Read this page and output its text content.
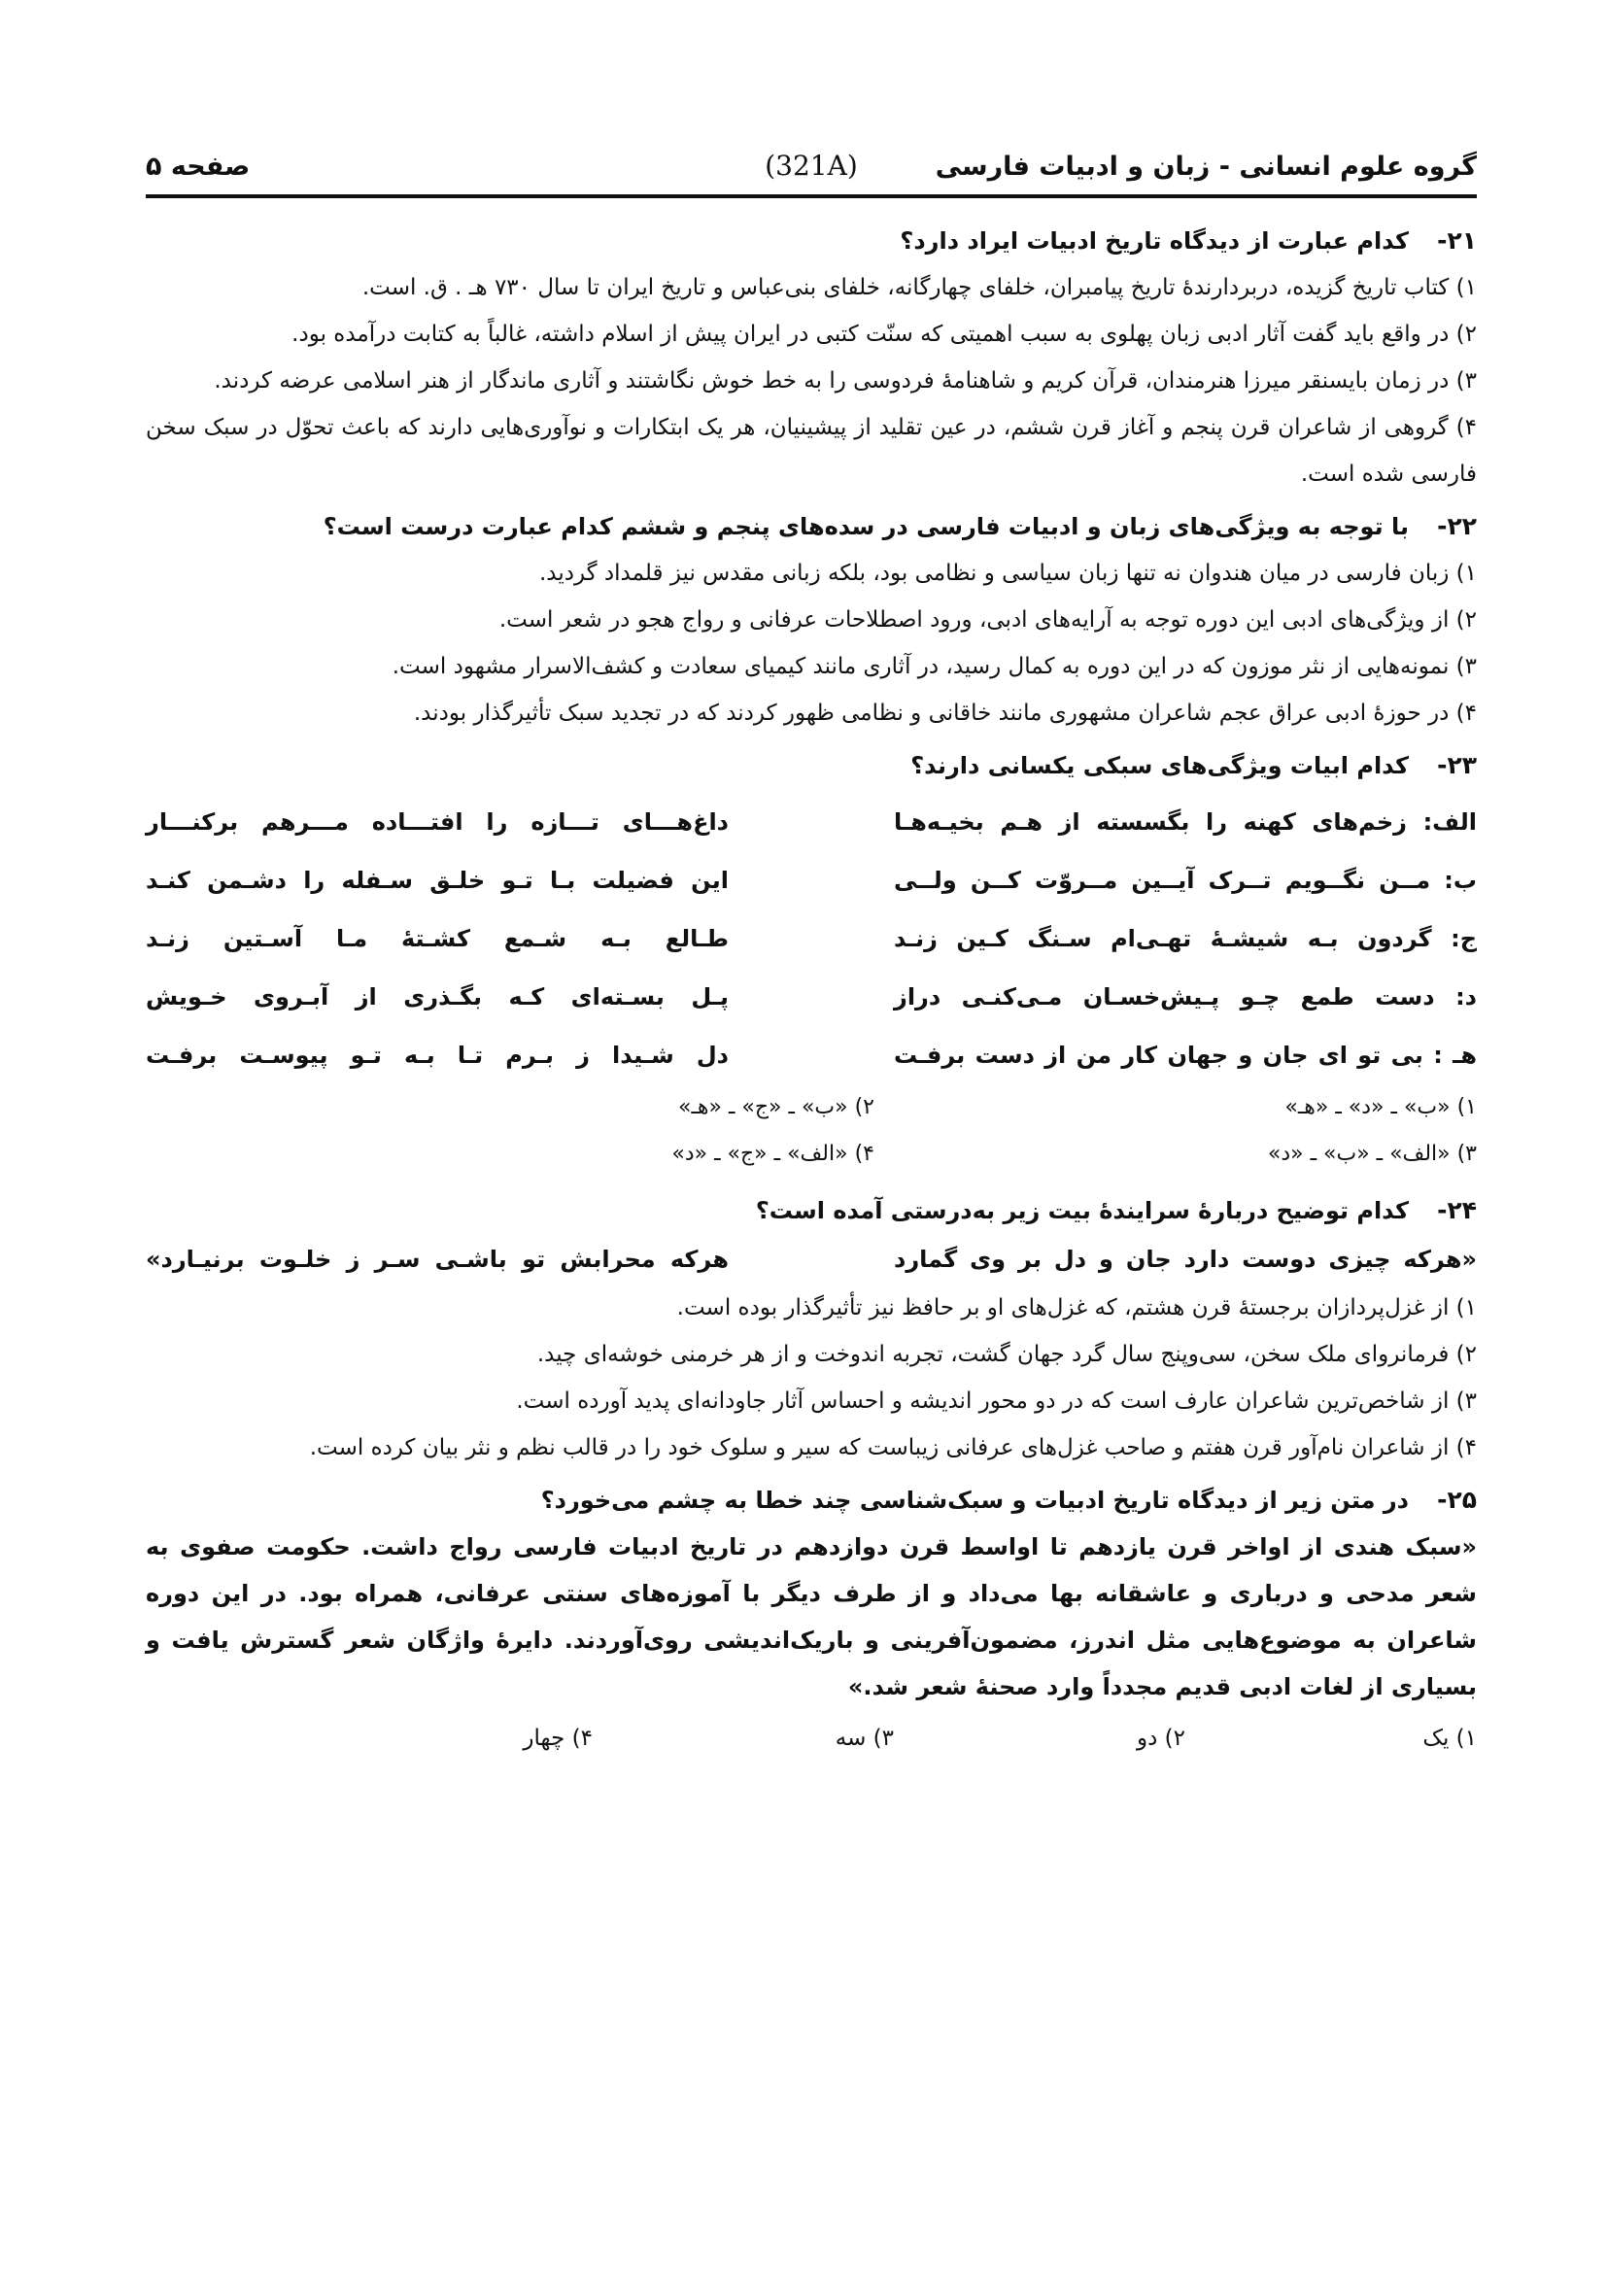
گروه علوم انسانی - زبان و ادبیات فارسی
(321A)
صفحه ۵
۲۱-
کدام عبارت از دیدگاه تاریخ ادبیات ایراد دارد؟
۱) کتاب تاریخ گزیده، دربردارندهٔ تاریخ پیامبران، خلفای چهارگانه، خلفای بنی‌عباس و تاریخ ایران تا سال ۷۳۰ هـ . ق. است.
۲) در واقع باید گفت آثار ادبی زبان پهلوی به سبب اهمیتی که سنّت کتبی در ایران پیش از اسلام داشته، غالباً به کتابت درآمده بود.
۳) در زمان بایسنقر میرزا هنرمندان، قرآن کریم و شاهنامهٔ فردوسی را به خط خوش نگاشتند و آثاری ماندگار از هنر اسلامی عرضه کردند.
۴) گروهی از شاعران قرن پنجم و آغاز قرن ششم، در عین تقلید از پیشینیان، هر یک ابتکارات و نوآوری‌هایی دارند که باعث تحوّل در سبک سخن فارسی شده است.
۲۲-
با توجه به ویژگی‌های زبان و ادبیات فارسی در سده‌های پنجم و ششم کدام عبارت درست است؟
۱) زبان فارسی در میان هندوان نه تنها زبان سیاسی و نظامی بود، بلکه زبانی مقدس نیز قلمداد گردید.
۲) از ویژگی‌های ادبی این دوره توجه به آرایه‌های ادبی، ورود اصطلاحات عرفانی و رواج هجو در شعر است.
۳) نمونه‌هایی از نثر موزون که در این دوره به کمال رسید، در آثاری مانند کیمیای سعادت و کشف‌الاسرار مشهود است.
۴) در حوزهٔ ادبی عراق عجم شاعران مشهوری مانند خاقانی و نظامی ظهور کردند که در تجدید سبک تأثیرگذار بودند.
۲۳-
کدام ابیات ویژگی‌های سبکی یکسانی دارند؟
الف: زخم‌های کهنه را بگسسته از هـم بخیـه‌هـا
داغ‌هـــای تـــازه را افتـــاده مـــرهم برکنـــار
ب: مــن نگــویم تــرک آیــین مــروّت کــن ولــی
این فضیلت بـا تـو خلـق سـفله را دشـمن کنـد
ج: گردون بـه شیشـهٔ تهـی‌ام سـنگ کـین زنـد
طـالع بـه شـمع کشـتهٔ مـا آسـتین زنـد
د: دست طمع چـو پـیش‌خسـان مـی‌کنـی دراز
پـل بسـته‌ای کـه بگـذری از آبـروی خـویش
هـ : بی تو ای جان و جهان کار من از دست برفـت
دل شـیدا ز بـرم تـا بـه تـو پیوسـت برفـت
۱) «ب» ـ «د» ـ «هـ»
۲) «ب» ـ «ج» ـ «هـ»
۳) «الف» ـ «ب» ـ «د»
۴) «الف» ـ «ج» ـ «د»
۲۴-
کدام توضیح دربارهٔ سرایندهٔ بیت زیر به‌درستی آمده است؟
«هرکه چیزی دوست دارد جان و دل بر وی گمارد
هرکه محرابش تو باشـی سـر ز خلـوت برنیـارد»
۱) از غزل‌پردازان برجستهٔ قرن هشتم، که غزل‌های او بر حافظ نیز تأثیرگذار بوده است.
۲) فرمانروای ملک سخن، سی‌وپنج سال گرد جهان گشت، تجربه اندوخت و از هر خرمنی خوشه‌ای چید.
۳) از شاخص‌ترین شاعران عارف است که در دو محور اندیشه و احساس آثار جاودانه‌ای پدید آورده است.
۴) از شاعران نام‌آور قرن هفتم و صاحب غزل‌های عرفانی زیباست که سیر و سلوک خود را در قالب نظم و نثر بیان کرده است.
۲۵-
در متن زیر از دیدگاه تاریخ ادبیات و سبک‌شناسی چند خطا به چشم می‌خورد؟
«سبک هندی از اواخر قرن یازدهم تا اواسط قرن دوازدهم در تاریخ ادبیات فارسی رواج داشت. حکومت صفوی به شعر مدحی و درباری و عاشقانه بها می‌داد و از طرف دیگر با آموزه‌های سنتی عرفانی، همراه بود. در این دوره شاعران به موضوع‌هایی مثل اندرز، مضمون‌آفرینی و باریک‌اندیشی روی‌آوردند. دایرهٔ واژگان شعر گسترش یافت و بسیاری از لغات ادبی قدیم مجدداً وارد صحنهٔ شعر شد.»
۱) یک
۲) دو
۳) سه
۴) چهار
